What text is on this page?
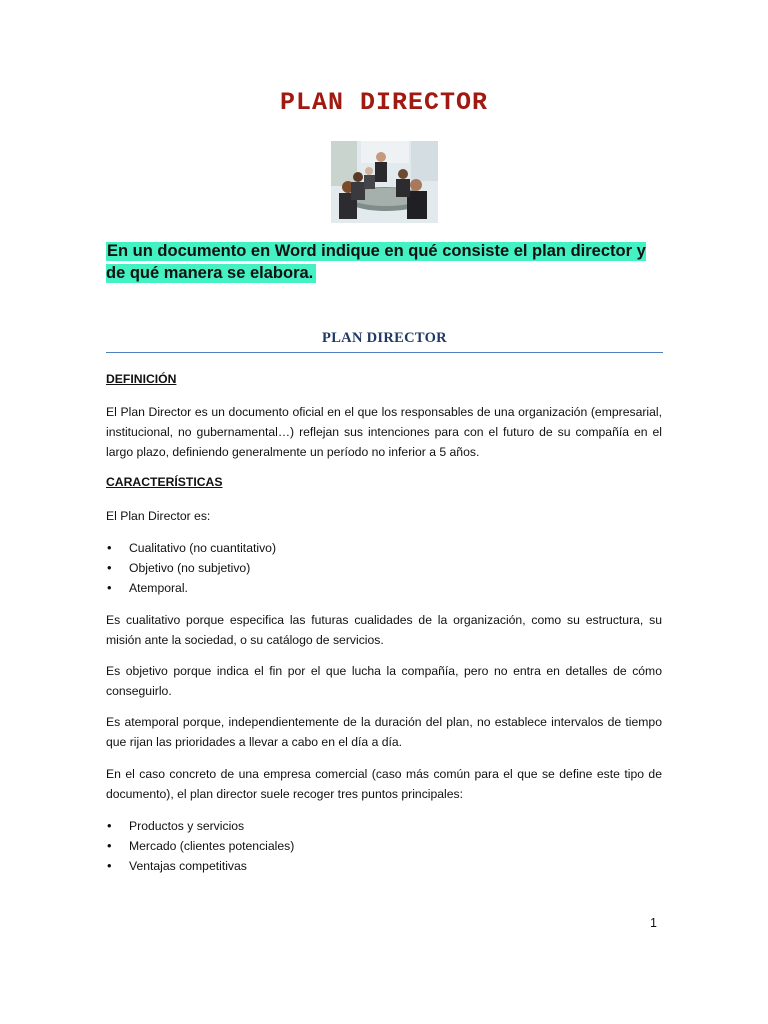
PLAN DIRECTOR
En un documento en Word indique en qué consiste el plan director y de qué manera se elabora.
PLAN DIRECTOR
DEFINICIÓN
El Plan Director es un documento oficial en el que los responsables de una organización (empresarial, institucional, no gubernamental…) reflejan sus intenciones para con el futuro de su compañía en el largo plazo, definiendo generalmente un período no inferior a 5 años.
CARACTERÍSTICAS
El Plan Director es:
• Cualitativo (no cuantitativo)
• Objetivo (no subjetivo)
• Atemporal.
Es cualitativo porque especifica las futuras cualidades de la organización, como su estructura, su misión ante la sociedad, o su catálogo de servicios.
Es objetivo porque indica el fin por el que lucha la compañía, pero no entra en detalles de cómo conseguirlo.
Es atemporal porque, independientemente de la duración del plan, no establece intervalos de tiempo que rijan las prioridades a llevar a cabo en el día a día.
En el caso concreto de una empresa comercial (caso más común para el que se define este tipo de documento), el plan director suele recoger tres puntos principales:
• Productos y servicios
• Mercado (clientes potenciales)
• Ventajas competitivas
1
